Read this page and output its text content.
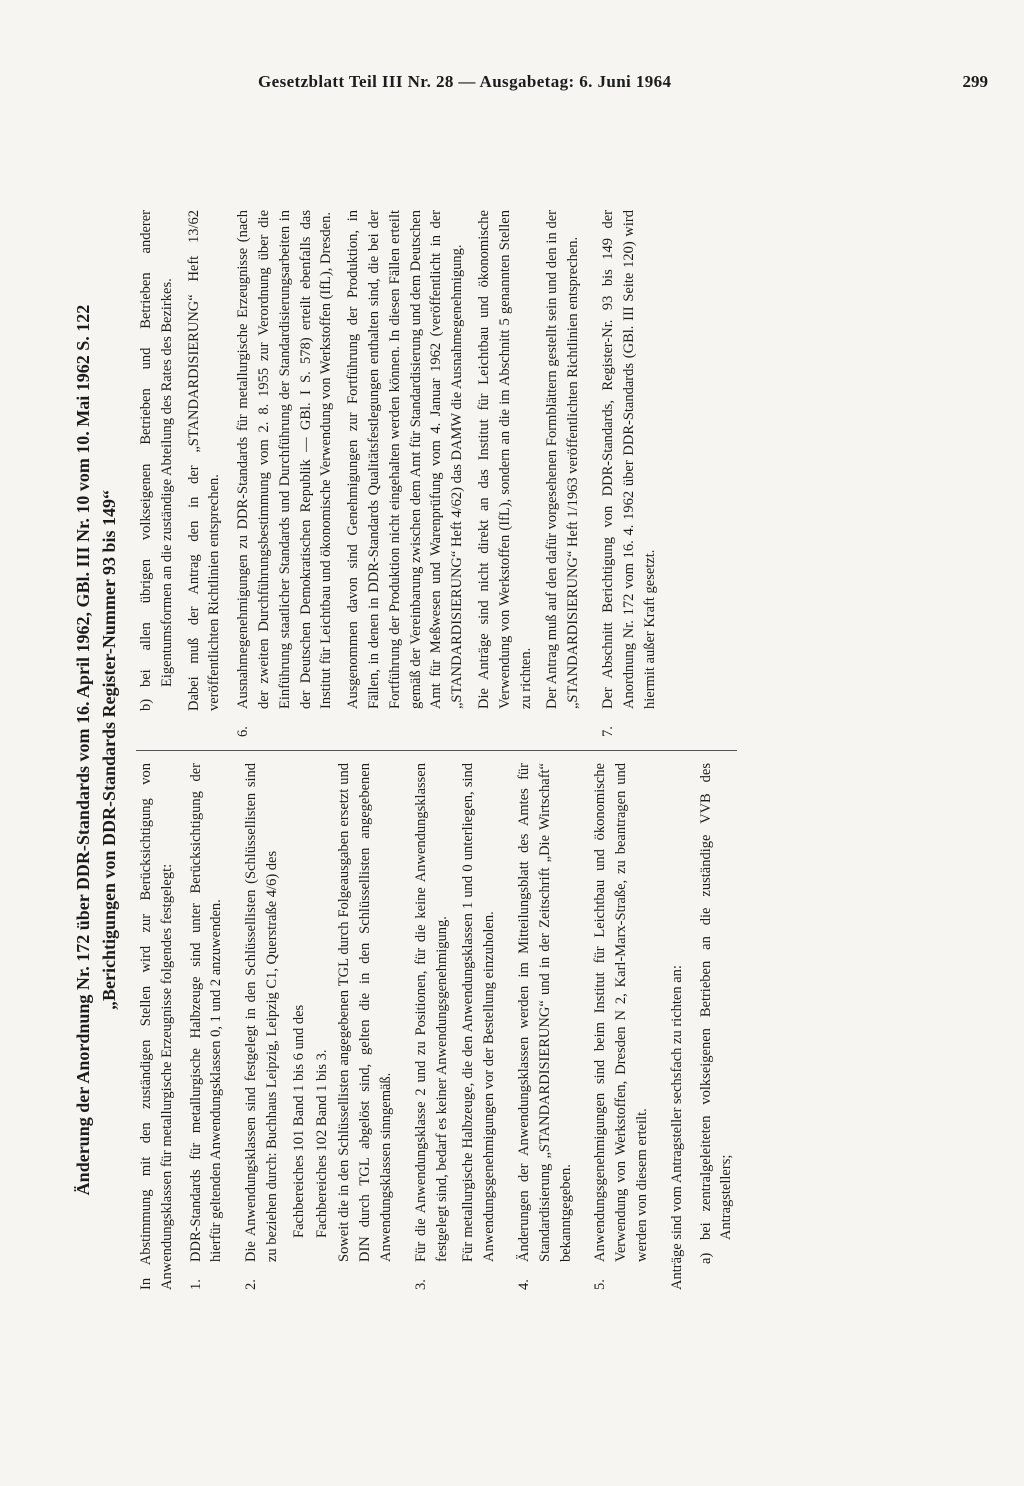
Gesetzblatt Teil III Nr. 28 — Ausgabetag: 6. Juni 1964	299
Änderung der Anordnung Nr. 172 über DDR-Standards vom 16. April 1962, GBl. III Nr. 10 vom 10. Mai 1962 S. 122 „Berichtigungen von DDR-Standards Register-Nummer 93 bis 149“

In Abstimmung mit den zuständigen Stellen wird zur Berücksichtigung von Anwendungsklassen für metallurgische Erzeugnisse folgendes festgelegt: 1.

DDR-Standards für metallurgische Halbzeuge sind unter Berücksichtigung der hierfür geltenden Anwendungsklassen 0, 1 und 2 anzuwenden.

2.

Die Anwendungsklassen sind festgelegt in den Schlüssellisten (Schlüssellisten sind zu beziehen durch: Buchhaus Leipzig, Leipzig C1, Querstraße 4/6) des Fachbereiches 101 Band 1 bis 6 und des Fachbereiches 102 Band 1 bis 3. Soweit die in den Schlüssellisten angegebenen TGL durch Folgeausgaben ersetzt und DIN durch TGL abgelöst sind, gelten die in den Schlüssellisten angegebenen Anwendungsklassen sinngemäß.

3.

Für die Anwendungsklasse 2 und zu Positionen, für die keine Anwendungsklassen festgelegt sind, bedarf es keiner Anwendungsgenehmigung. Für metallurgische Halbzeuge, die den Anwendungsklassen 1 und 0 unterliegen, sind Anwendungsgenehmigungen vor der Bestellung einzuholen.

4.

Änderungen der Anwendungsklassen werden im Mitteilungsblatt des Amtes für Standardisierung „STANDARDISIERUNG“ und in der Zeitschrift „Die Wirtschaft“ bekanntgegeben.

5.

Anwendungsgenehmigungen sind beim Institut für Leichtbau und ökonomische Verwendung von Werkstoffen, Dresden N 2, Karl-Marx-Straße, zu beantragen und werden von diesem erteilt. Anträge sind vom Antragsteller sechsfach zu richten an: a)
bei zentralgeleiteten volkseigenen Betrieben an die zuständige VVB des Antragstellers;
b)
bei allen übrigen volkseigenen Betrieben und Betrieben anderer Eigentumsformen an die zuständige Abteilung des Rates des Bezirkes. Dabei muß der Antrag den in der „STANDARDISIERUNG“ Heft 13/62 veröffentlichten Richtlinien entsprechen.

6.

Ausnahmegenehmigungen zu DDR-Standards für metallurgische Erzeugnisse (nach der zweiten Durchführungsbestimmung vom 2. 8. 1955 zur Verordnung über die Einführung staatlicher Standards und Durchführung der Standardisierungsarbeiten in der Deutschen Demokratischen Republik — GBl. I S. 578) erteilt ebenfalls das Institut für Leichtbau und ökonomische Verwendung von Werkstoffen (IfL), Dresden. Ausgenommen davon sind Genehmigungen zur Fortführung der Produktion, in Fällen, in denen in DDR-Standards Qualitätsfestlegungen enthalten sind, die bei der Fortführung der Produktion nicht eingehalten werden können. In diesen Fällen erteilt gemäß der Vereinbarung zwischen dem Amt für Standardisierung und dem Deutschen Amt für Meßwesen und Warenprüfung vom 4. Januar 1962 (veröffentlicht in der „STANDARDISIERUNG“ Heft 4/62) das DAMW die Ausnahmegenehmigung. Die Anträge sind nicht direkt an das Institut für Leichtbau und ökonomische Verwendung von Werkstoffen (IfL), sondern an die im Abschnitt 5 genannten Stellen zu richten. Der Antrag muß auf den dafür vorgesehenen Formblättern gestellt sein und den in der „STANDARDISIERUNG“ Heft 1/1963 veröffentlichten Richtlinien entsprechen.

7.

Der Abschnitt Berichtigung von DDR-Standards, Register-Nr. 93 bis 149 der Anordnung Nr. 172 vom 16. 4. 1962 über DDR-Standards (GBl. III Seite 120) wird hiermit außer Kraft gesetzt.
